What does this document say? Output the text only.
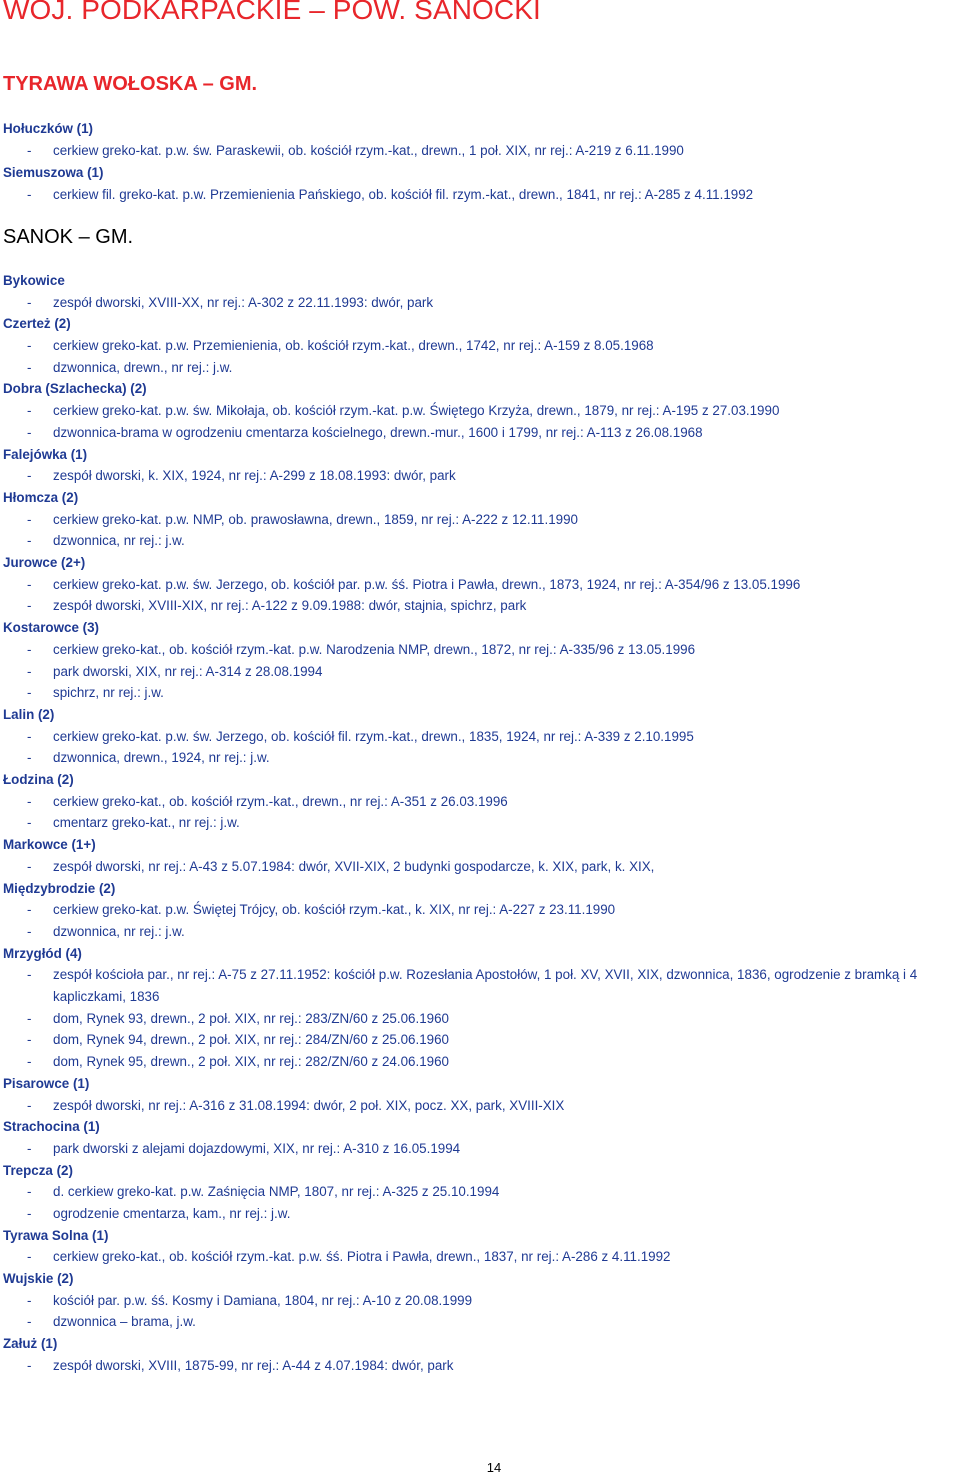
WOJ. PODKARPACKIE – POW. SANOCKI
TYRAWA WOŁOSKA – GM.
Hołuczków (1)
- cerkiew greko-kat. p.w. św. Paraskewii, ob. kościół rzym.-kat., drewn., 1 poł. XIX, nr rej.: A-219 z 6.11.1990
Siemuszowa (1)
- cerkiew fil. greko-kat. p.w. Przemienienia Pańskiego, ob. kościół fil. rzym.-kat., drewn., 1841, nr rej.: A-285 z 4.11.1992
SANOK – GM.
Bykowice
- zespół dworski, XVIII-XX, nr rej.: A-302 z 22.11.1993: dwór, park
Czerteż (2)
- cerkiew greko-kat. p.w. Przemienienia, ob. kościół rzym.-kat., drewn., 1742, nr rej.: A-159 z 8.05.1968
- dzwonnica, drewn., nr rej.: j.w.
Dobra (Szlachecka) (2)
- cerkiew greko-kat. p.w. św. Mikołaja, ob. kościół rzym.-kat. p.w. Świętego Krzyża, drewn., 1879, nr rej.: A-195 z 27.03.1990
- dzwonnica-brama w ogrodzeniu cmentarza kościelnego, drewn.-mur., 1600 i 1799, nr rej.: A-113 z 26.08.1968
Falejówka (1)
- zespół dworski, k. XIX, 1924, nr rej.: A-299 z 18.08.1993: dwór, park
Hłomcza (2)
- cerkiew greko-kat. p.w. NMP, ob. prawosławna, drewn., 1859, nr rej.: A-222 z 12.11.1990
- dzwonnica, nr rej.: j.w.
Jurowce (2+)
- cerkiew greko-kat. p.w. św. Jerzego, ob. kościół par. p.w. śś. Piotra i Pawła, drewn., 1873, 1924, nr rej.: A-354/96 z 13.05.1996
- zespół dworski, XVIII-XIX, nr rej.: A-122 z 9.09.1988: dwór, stajnia, spichrz, park
Kostarowce (3)
- cerkiew greko-kat., ob. kościół rzym.-kat. p.w. Narodzenia NMP, drewn., 1872, nr rej.: A-335/96 z 13.05.1996
- park dworski, XIX, nr rej.: A-314 z 28.08.1994
- spichrz, nr rej.: j.w.
Lalin (2)
- cerkiew greko-kat. p.w. św. Jerzego, ob. kościół fil. rzym.-kat., drewn., 1835, 1924, nr rej.: A-339 z 2.10.1995
- dzwonnica, drewn., 1924, nr rej.: j.w.
Łodzina (2)
- cerkiew greko-kat., ob. kościół rzym.-kat., drewn., nr rej.: A-351 z 26.03.1996
- cmentarz greko-kat., nr rej.: j.w.
Markowce (1+)
- zespół dworski, nr rej.: A-43 z 5.07.1984: dwór, XVII-XIX, 2 budynki gospodarcze, k. XIX, park, k. XIX,
Międzybrodzie (2)
- cerkiew greko-kat. p.w. Świętej Trójcy, ob. kościół rzym.-kat., k. XIX, nr rej.: A-227 z 23.11.1990
- dzwonnica, nr rej.: j.w.
Mrzygłód (4)
- zespół kościoła par., nr rej.: A-75 z 27.11.1952: kościół p.w. Rozesłania Apostołów, 1 poł. XV, XVII, XIX, dzwonnica, 1836, ogrodzenie z bramką i 4 kapliczkami, 1836
- dom, Rynek 93, drewn., 2 poł. XIX, nr rej.: 283/ZN/60 z 25.06.1960
- dom, Rynek 94, drewn., 2 poł. XIX, nr rej.: 284/ZN/60 z 25.06.1960
- dom, Rynek 95, drewn., 2 poł. XIX, nr rej.: 282/ZN/60 z 24.06.1960
Pisarowce (1)
- zespół dworski, nr rej.: A-316 z 31.08.1994: dwór, 2 poł. XIX, pocz. XX, park, XVIII-XIX
Strachocina (1)
- park dworski z alejami dojazdowymi, XIX, nr rej.: A-310 z 16.05.1994
Trepcza (2)
- d. cerkiew greko-kat. p.w. Zaśnięcia NMP, 1807, nr rej.: A-325 z 25.10.1994
- ogrodzenie cmentarza, kam., nr rej.: j.w.
Tyrawa Solna (1)
- cerkiew greko-kat., ob. kościół rzym.-kat. p.w. śś. Piotra i Pawła, drewn., 1837, nr rej.: A-286 z 4.11.1992
Wujskie (2)
- kościół par. p.w. śś. Kosmy i Damiana, 1804, nr rej.: A-10 z 20.08.1999
- dzwonnica – brama, j.w.
Załuż (1)
- zespół dworski, XVIII, 1875-99, nr rej.: A-44 z 4.07.1984: dwór, park
14
